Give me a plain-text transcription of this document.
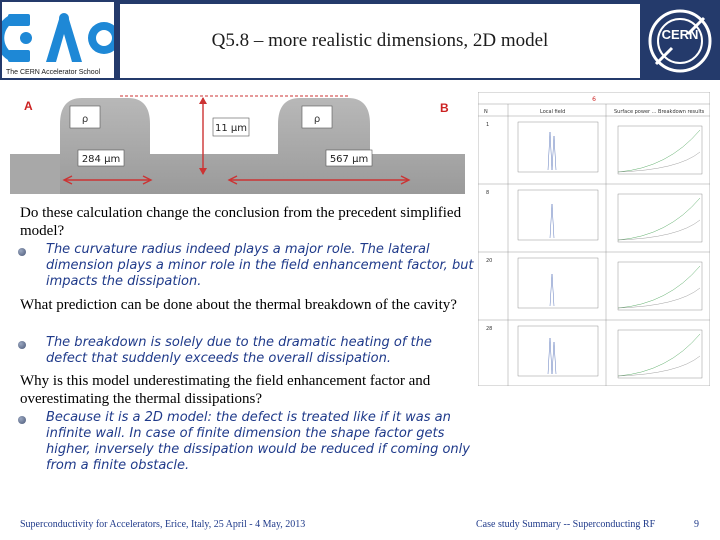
The CERN Accelerator School
Q5.8 – more realistic dimensions, 2D model	CERN
ρ	ρ
11 µm
284 µm	567 µm
A	B
6
N	Local field	Surface power ... Breakdown results
1
8
20
28
Do these calculation change the conclusion from the precedent simplified model?
The curvature radius indeed plays a major role. The lateral dimension plays a minor role in the field enhancement factor, but impacts the dissipation.
What prediction can be done about the thermal breakdown of the cavity?
The breakdown is solely due to the dramatic heating of the defect that suddenly exceeds the overall dissipation.
Why is this model underestimating the field enhancement factor and overestimating the thermal dissipations?
Because it is a 2D model: the defect is treated like if it was an infinite wall. In case of finite dimension the shape factor gets higher, inversely the dissipation would be reduced if coming only from a finite obstacle.
Superconductivity for Accelerators, Erice, Italy, 25 April - 4 May, 2013	Case study Summary -- Superconducting RF	9
